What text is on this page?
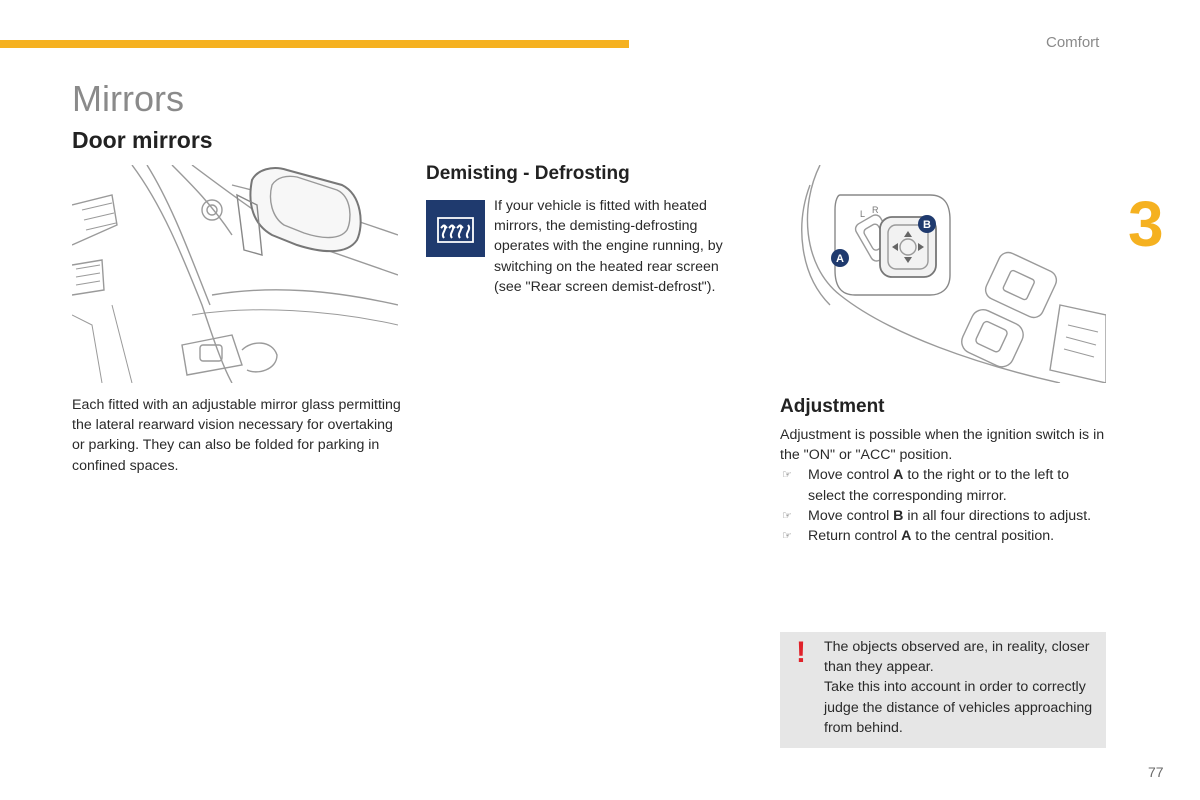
Comfort
3
Mirrors
Door mirrors
Each fitted with an adjustable mirror glass permitting the lateral rearward vision necessary for overtaking or parking. They can also be folded for parking in confined spaces.
Demisting - Defrosting
If your vehicle is fitted with heated mirrors, the demisting-defrosting operates with the engine running, by switching on the heated rear screen (see "Rear screen demist-defrost").
L R
A
B
Adjustment
Adjustment is possible when the ignition switch is in the "ON" or "ACC" position.
☞ Move control A to the right or to the left to select the corresponding mirror.
☞ Move control B in all four directions to adjust.
☞ Return control A to the central position.
! The objects observed are, in reality, closer than they appear.
Take this into account in order to correctly judge the distance of vehicles approaching from behind.
77
